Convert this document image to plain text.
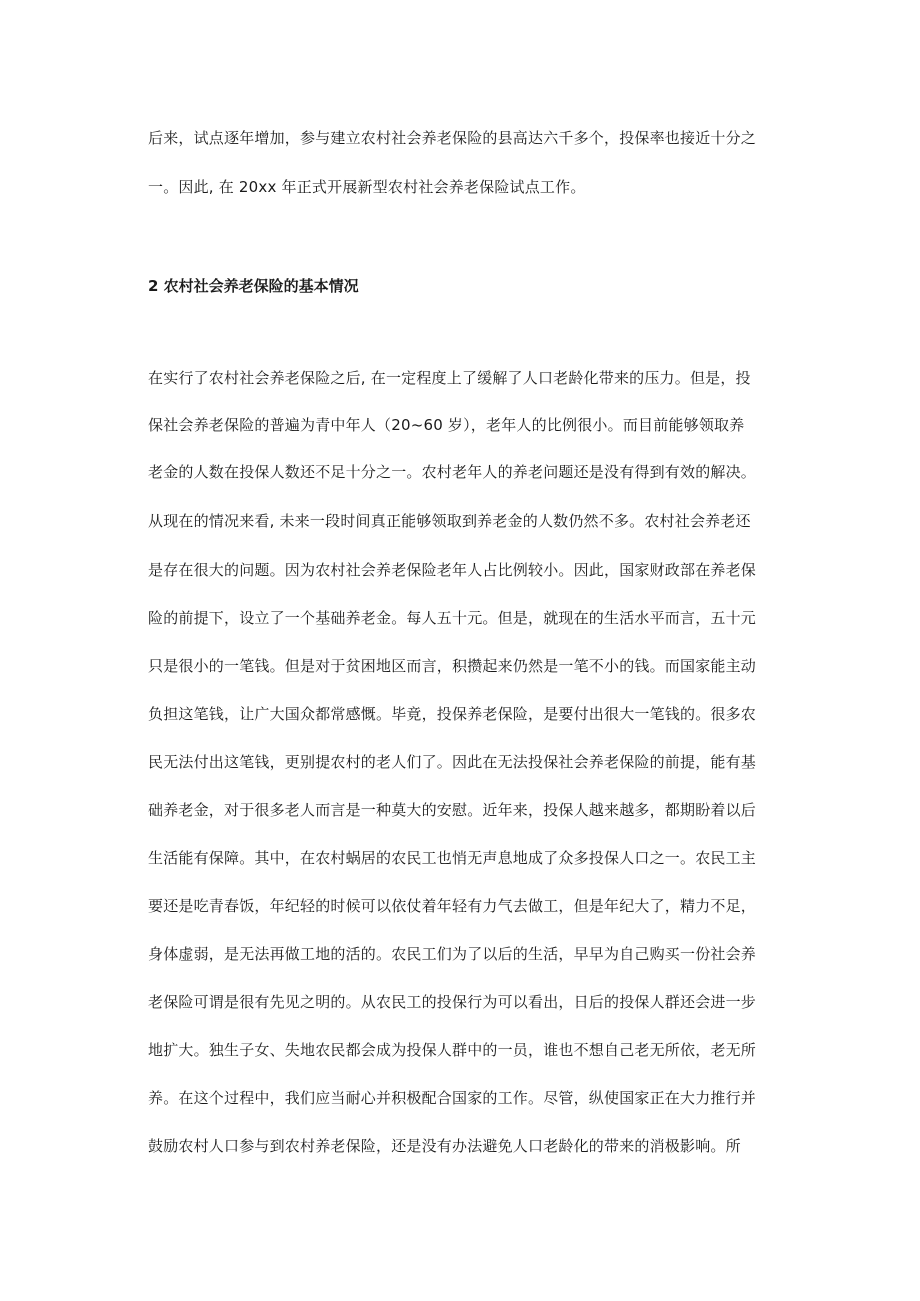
后来，试点逐年增加，参与建立农村社会养老保险的县高达六千多个，投保率也接近十分之
一。因此, 在 20xx 年正式开展新型农村社会养老保险试点工作。
2 农村社会养老保险的基本情况
在实行了农村社会养老保险之后, 在一定程度上了缓解了人口老龄化带来的压力。但是，投
保社会养老保险的普遍为青中年人（20~60 岁），老年人的比例很小。而目前能够领取养
老金的人数在投保人数还不足十分之一。农村老年人的养老问题还是没有得到有效的解决。
从现在的情况来看, 未来一段时间真正能够领取到养老金的人数仍然不多。农村社会养老还
是存在很大的问题。因为农村社会养老保险老年人占比例较小。因此，国家财政部在养老保
险的前提下，设立了一个基础养老金。每人五十元。但是，就现在的生活水平而言，五十元
只是很小的一笔钱。但是对于贫困地区而言，积攒起来仍然是一笔不小的钱。而国家能主动
负担这笔钱，让广大国众都常感慨。毕竟，投保养老保险，是要付出很大一笔钱的。很多农
民无法付出这笔钱，更别提农村的老人们了。因此在无法投保社会养老保险的前提，能有基
础养老金，对于很多老人而言是一种莫大的安慰。近年来，投保人越来越多，都期盼着以后
生活能有保障。其中，在农村蜗居的农民工也悄无声息地成了众多投保人口之一。农民工主
要还是吃青春饭，年纪轻的时候可以依仗着年轻有力气去做工，但是年纪大了，精力不足，
身体虚弱，是无法再做工地的活的。农民工们为了以后的生活，早早为自己购买一份社会养
老保险可谓是很有先见之明的。从农民工的投保行为可以看出，日后的投保人群还会进一步
地扩大。独生子女、失地农民都会成为投保人群中的一员，谁也不想自己老无所依，老无所
养。在这个过程中，我们应当耐心并积极配合国家的工作。尽管，纵使国家正在大力推行并
鼓励农村人口参与到农村养老保险，还是没有办法避免人口老龄化的带来的消极影响。所
